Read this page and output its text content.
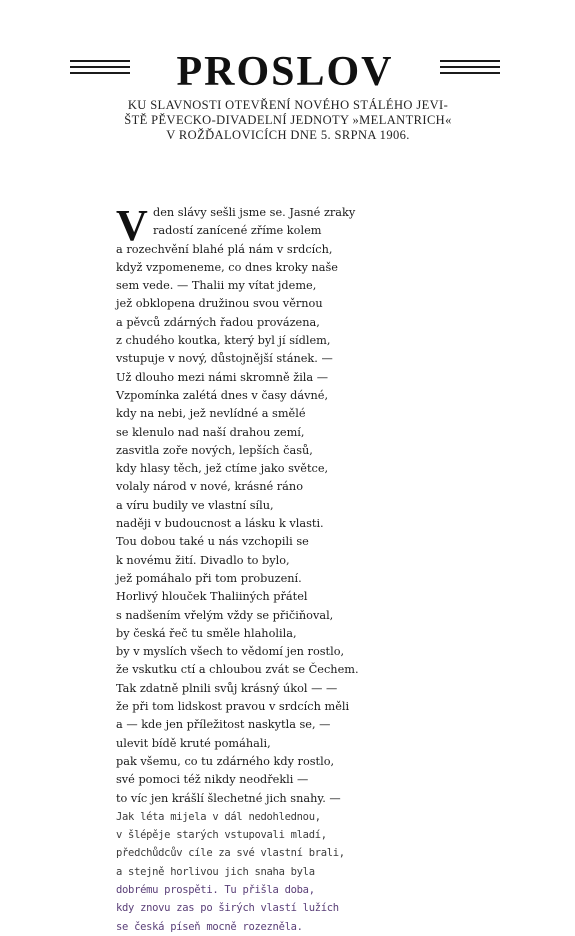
PROSLOV
KU SLAVNOSTI OTEVŘENÍ NOVÉHO STÁLÉHO JEVI-
ŠTĚ PĚVECKO-DIVADELNÍ JEDNOTY »MELANTRICH«
V ROŽĎALOVICÍCH DNE 5. SRPNA 1906.
V den slávy sešli jsme se. Jasné zraky
radostí zanícené zříme kolem
a rozechvění blahé plá nám v srdcích,
když vzpomeneme, co dnes kroky naše
sem vede. — Thalii my vítat jdeme,
jež obklopena družinou svou věrnou
a pěvců zdárných řadou provázena,
z chudého koutka, který byl jí sídlem,
vstupuje v nový, důstojnější stánek. —
Už dlouho mezi námi skromně žila —
Vzpomínka zalétá dnes v časy dávné,
kdy na nebi, jež nevlídné a smělé
se klenulo nad naší drahou zemí,
zasvitla zoře nových, lepších časů,
kdy hlasy těch, jež ctíme jako světce,
volaly národ v nové, krásné ráno
a víru budily ve vlastní sílu,
naději v budoucnost a lásku k vlasti.
Tou dobou také u nás vzchopili se
k novému žití. Divadlo to bylo,
jež pomáhalo při tom probuzení.
Horlivý hlouček Thaliiných přátel
s nadšením vřelým vždy se přičiňoval,
by česká řeč tu směle hlaholila,
by v myslích všech to vědomí jen rostlo,
že vskutku ctí a chloubou zvát se Čechem.
Tak zdatně plnili svůj krásný úkol — —
že při tom lidskost pravou v srdcích měli
a — kde jen příležitost naskytla se, —
ulevit bídě kruté pomáhali,
pak všemu, co tu zdárného kdy rostlo,
své pomoci též nikdy neodřekli —
to víc jen krášlí šlechetné jich snahy. —
Jak léta mijela v dál nedohlednou,
v šlépěje starých vstupovali mladí,
předchůdcův cíle za své vlastní brali,
a stejně horlivou jich snaha byla
dobrému prospěti. Tu přišla doba,
kdy znovu zas po širých vlastí lužích
se česká píseň mocně rozezněla.
